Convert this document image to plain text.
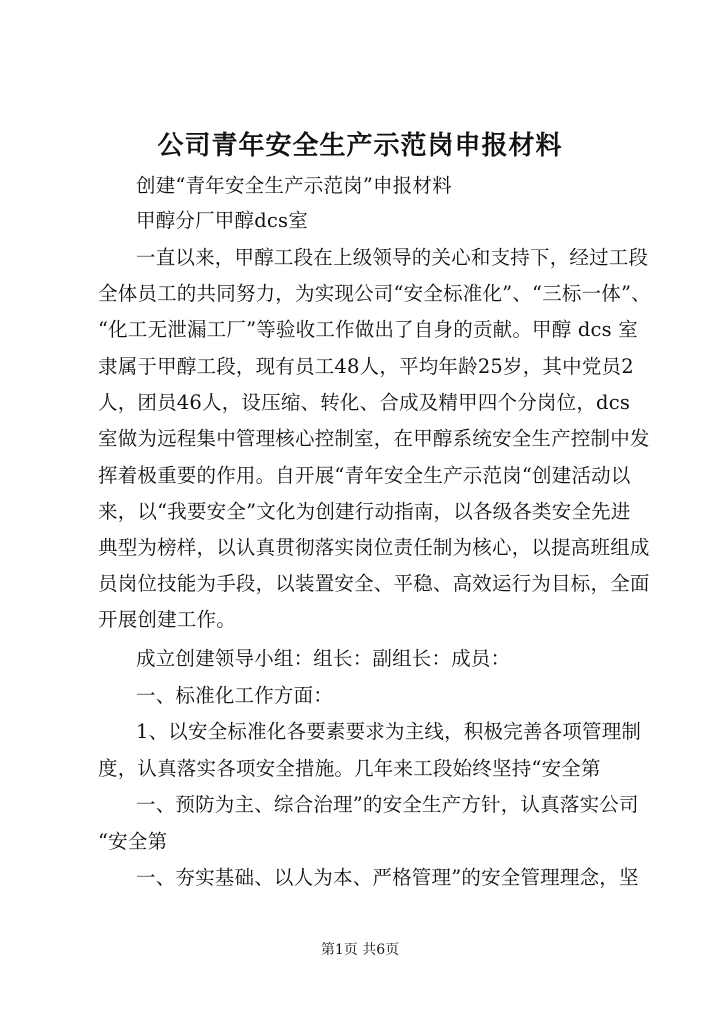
公司青年安全生产示范岗申报材料
创建“青年安全生产示范岗”申报材料
甲醇分厂甲醇dcs室
一直以来，甲醇工段在上级领导的关心和支持下，经过工段
全体员工的共同努力，为实现公司“安全标准化”、“三标一体”、
“化工无泄漏工厂”等验收工作做出了自身的贡献。甲醇 dcs 室
隶属于甲醇工段，现有员工48人，平均年龄25岁，其中党员2
人，团员46人，设压缩、转化、合成及精甲四个分岗位，dcs
室做为远程集中管理核心控制室，在甲醇系统安全生产控制中发
挥着极重要的作用。自开展“青年安全生产示范岗“创建活动以
来，以“我要安全”文化为创建行动指南，以各级各类安全先进
典型为榜样，以认真贯彻落实岗位责任制为核心，以提高班组成
员岗位技能为手段，以装置安全、平稳、高效运行为目标，全面
开展创建工作。
成立创建领导小组：组长：副组长：成员：
一、标准化工作方面：
1、以安全标准化各要素要求为主线，积极完善各项管理制
度，认真落实各项安全措施。几年来工段始终坚持“安全第
一、预防为主、综合治理”的安全生产方针，认真落实公司
“安全第
一、夯实基础、以人为本、严格管理”的安全管理理念，坚
第1页 共6页
